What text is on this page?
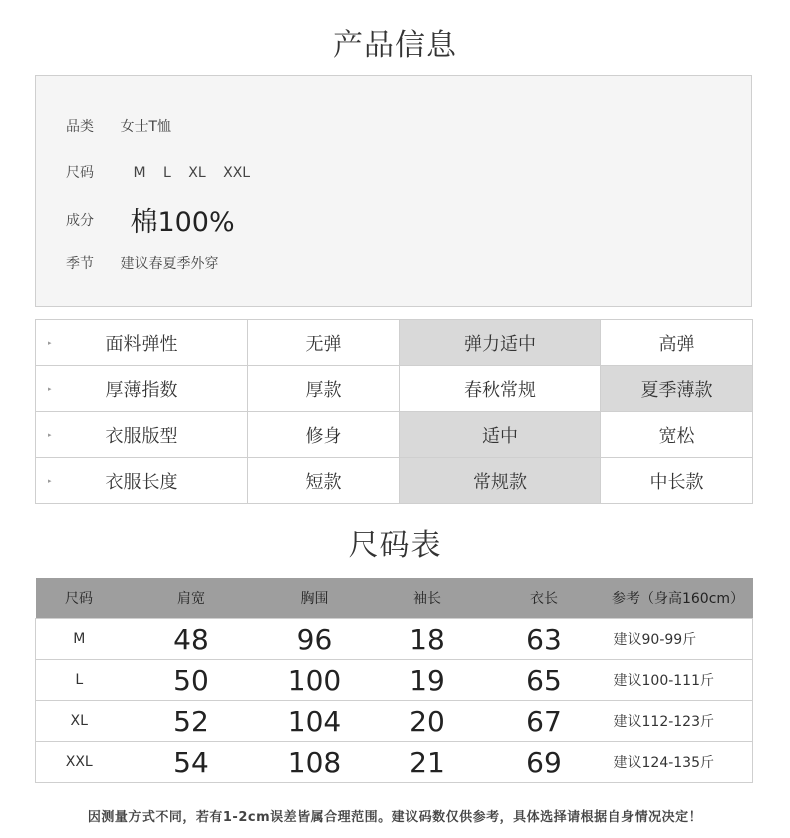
产品信息
品类 女士T恤
尺码	M L XL XXL
成分 棉100%
季节 建议春夏季外穿
▸ 面料弹性	无弹	弹力适中	高弹

▸ 厚薄指数	厚款	春秋常规	夏季薄款

▸ 衣服版型	修身	适中	宽松

▸ 衣服长度	短款	常规款	中长款
尺码表
尺码	肩宽	胸围	袖长	衣长	参考（身高160cm）
M	48	96	18	63	建议90-99斤
L	50	100	19	65	建议100-111斤
XL	52	104	20	67	建议112-123斤
XXL	54	108	21	69	建议124-135斤
因测量方式不同，若有1-2cm误差皆属合理范围。建议码数仅供参考，具体选择请根据自身情况决定！
